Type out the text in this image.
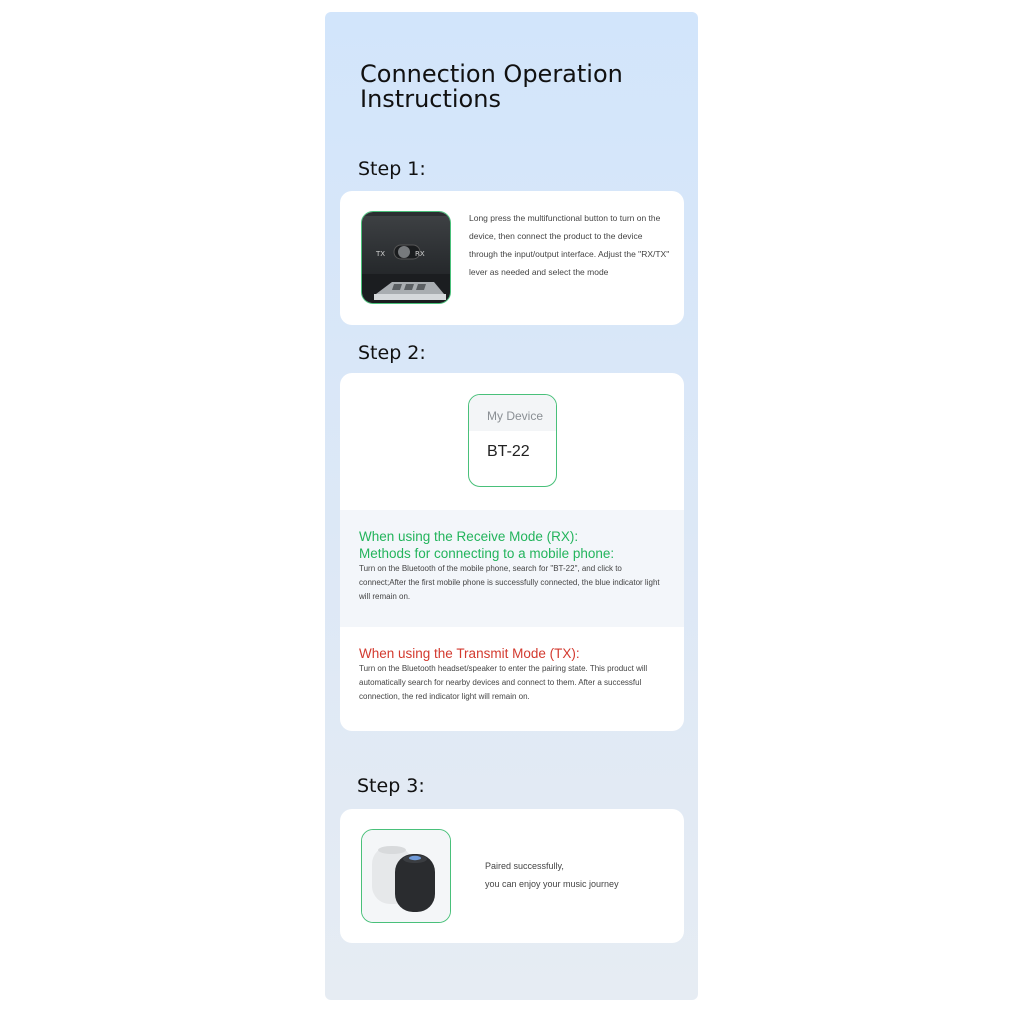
Connection Operation Instructions

Step 1:

TX	RX

Long press the multifunctional button to turn on the device, then connect the product to the device through the input/output interface. Adjust the "RX/TX" lever as needed and select the mode

Step 2:

My Device
BT-22

When using the Receive Mode (RX):

Methods for connecting to a mobile phone:

Turn on the Bluetooth of the mobile phone, search for "BT-22", and click to connect;After the first mobile phone is successfully connected, the blue indicator light will remain on.

When using the Transmit Mode (TX):

Turn on the Bluetooth headset/speaker to enter the pairing state. This product will automatically search for nearby devices and connect to them. After a successful connection, the red indicator light will remain on.

Step 3:

Paired successfully,
you can enjoy your music journey
